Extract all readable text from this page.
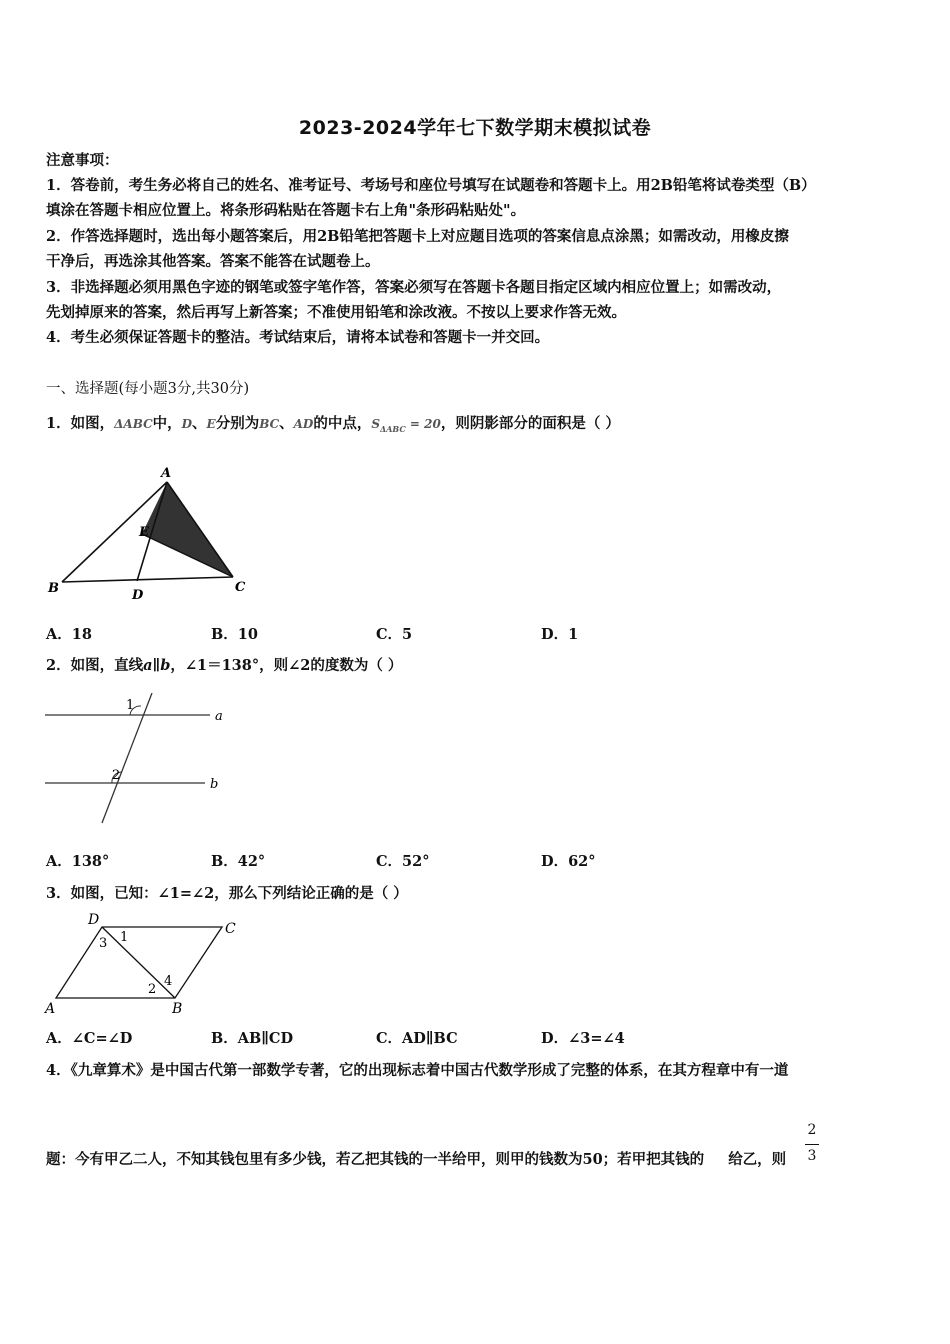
2023-2024学年七下数学期末模拟试卷
注意事项：
1．答卷前，考生务必将自己的姓名、准考证号、考场号和座位号填写在试题卷和答题卡上。用2B铅笔将试卷类型（B）
填涂在答题卡相应位置上。将条形码粘贴在答题卡右上角"条形码粘贴处"。
2．作答选择题时，选出每小题答案后，用2B铅笔把答题卡上对应题目选项的答案信息点涂黑；如需改动，用橡皮擦
干净后，再选涂其他答案。答案不能答在试题卷上。
3．非选择题必须用黑色字迹的钢笔或签字笔作答，答案必须写在答题卡各题目指定区域内相应位置上；如需改动，
先划掉原来的答案，然后再写上新答案；不准使用铅笔和涂改液。不按以上要求作答无效。
4．考生必须保证答题卡的整洁。考试结束后，请将本试卷和答题卡一并交回。
一、选择题(每小题3分,共30分)
1．如图，ΔABC中，D、E分别为BC、AD的中点，$S_{\Delta ABC} = 20$，则阴影部分的面积是（ ）
A
B	C
D
E
A．18	B．10	C．5	D．1
2．如图，直线a∥b，∠1＝138°，则∠2的度数为（ ）
1
2
a
b
A．138°	B．42°	C．52°	D．62°
3．如图，已知：∠1=∠2，那么下列结论正确的是（ ）
D
C
A	B
3 1
2
4
A．∠C=∠D	B．AB∥CD	C．AD∥BC	D．∠3=∠4
4．《九章算术》是中国古代第一部数学专著，它的出现标志着中国古代数学形成了完整的体系，在其方程章中有一道
题：今有甲乙二人，不知其钱包里有多少钱，若乙把其钱的一半给甲，则甲的钱数为50；若甲把其钱的 给乙，则
2
3
